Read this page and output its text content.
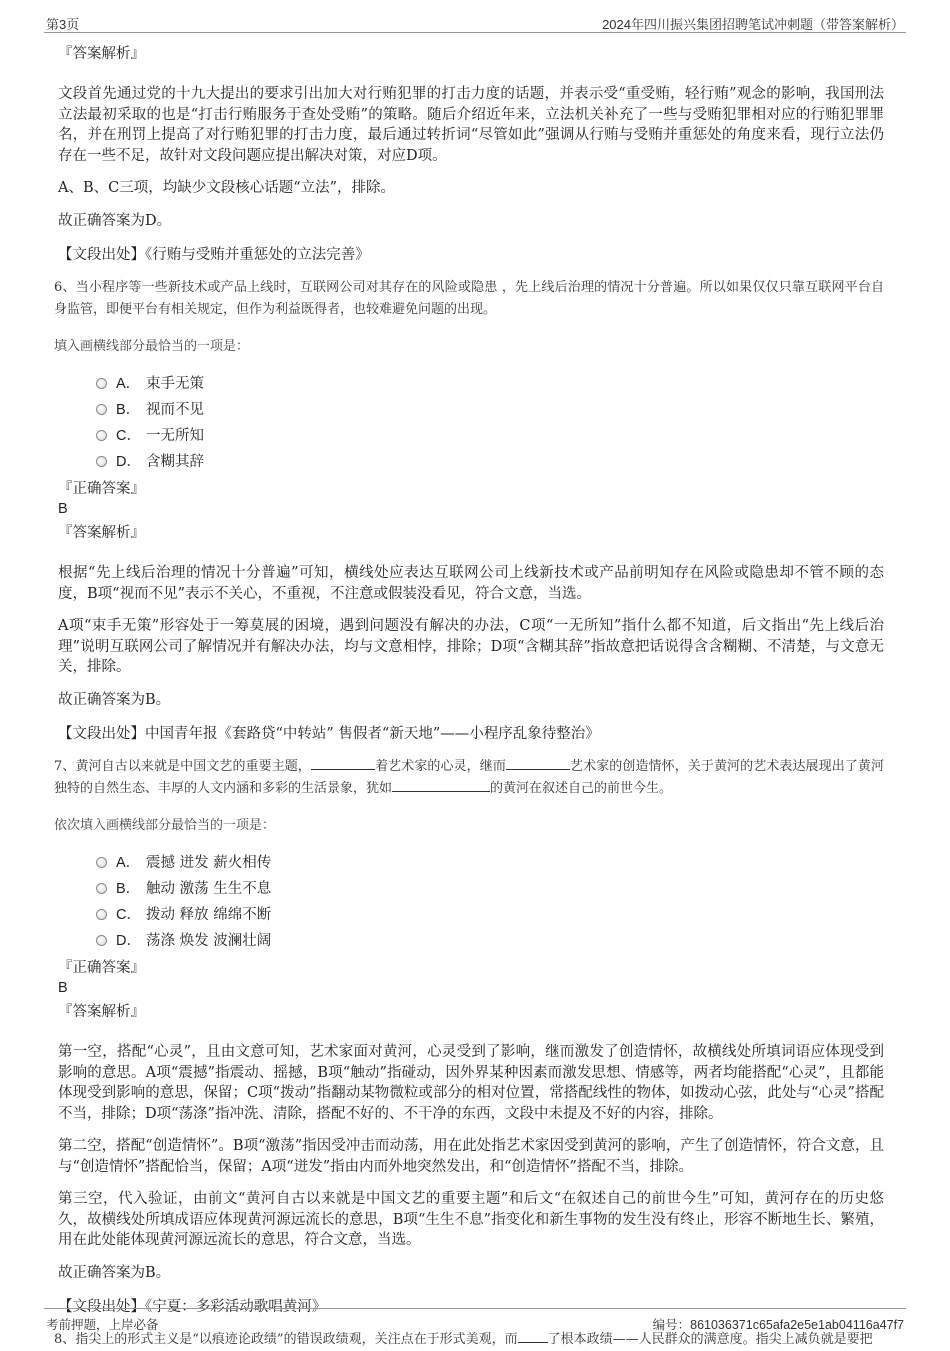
第3页	2024年四川振兴集团招聘笔试冲刺题（带答案解析）

『答案解析』

文段首先通过党的十九大提出的要求引出加大对行贿犯罪的打击力度的话题，并表示受“重受贿，轻行贿”观念的影响，我国刑法立法最初采取的也是“打击行贿服务于查处受贿”的策略。随后介绍近年来，立法机关补充了一些与受贿犯罪相对应的行贿犯罪罪名，并在刑罚上提高了对行贿犯罪的打击力度，最后通过转折词“尽管如此”强调从行贿与受贿并重惩处的角度来看，现行立法仍存在一些不足，故针对文段问题应提出解决对策，对应D项。

A、B、C三项，均缺少文段核心话题“立法”，排除。

故正确答案为D。

【文段出处】《行贿与受贿并重惩处的立法完善》

6、当小程序等一些新技术或产品上线时，互联网公司对其存在的风险或隐患 ，先上线后治理的情况十分普遍。所以如果仅仅只靠互联网平台自身监管，即便平台有相关规定，但作为利益既得者，也较难避免问题的出现。

填入画横线部分最恰当的一项是：

A． 束手无策
B． 视而不见
C． 一无所知
D． 含糊其辞

『正确答案』

B

『答案解析』

根据“先上线后治理的情况十分普遍”可知，横线处应表达互联网公司上线新技术或产品前明知存在风险或隐患却不管不顾的态度，B项“视而不见”表示不关心，不重视，不注意或假装没看见，符合文意，当选。

A项“束手无策”形容处于一筹莫展的困境，遇到问题没有解决的办法，C项“一无所知”指什么都不知道，后文指出“先上线后治理”说明互联网公司了解情况并有解决办法，均与文意相悖，排除；D项“含糊其辞”指故意把话说得含含糊糊、不清楚，与文意无关，排除。

故正确答案为B。

【文段出处】中国青年报《套路贷“中转站” 售假者“新天地”——小程序乱象待整治》

7、黄河自古以来就是中国文艺的重要主题，	着艺术家的心灵，继而	艺术家的创造情怀，关于黄河的艺术表达展现出了黄河独特的自然生态、丰厚的人文内涵和多彩的生活景象，犹如	的黄河在叙述自己的前世今生。

依次填入画横线部分最恰当的一项是：

A． 震撼 迸发 薪火相传
B． 触动 激荡 生生不息
C． 拨动 释放 绵绵不断
D． 荡涤 焕发 波澜壮阔

『正确答案』

B

『答案解析』

第一空，搭配“心灵”，且由文意可知，艺术家面对黄河，心灵受到了影响，继而激发了创造情怀，故横线处所填词语应体现受到影响的意思。A项“震撼”指震动、摇撼，B项“触动”指碰动，因外界某种因素而激发思想、情感等，两者均能搭配“心灵”，且都能体现受到影响的意思，保留；C项“拨动”指翻动某物微粒或部分的相对位置，常搭配线性的物体，如拨动心弦，此处与“心灵”搭配不当，排除；D项“荡涤”指冲洗、清除，搭配不好的、不干净的东西，文段中未提及不好的内容，排除。

第二空，搭配“创造情怀”。B项“激荡”指因受冲击而动荡，用在此处指艺术家因受到黄河的影响，产生了创造情怀，符合文意，且与“创造情怀”搭配恰当，保留；A项“迸发”指由内而外地突然发出，和“创造情怀”搭配不当，排除。

第三空，代入验证，由前文“黄河自古以来就是中国文艺的重要主题”和后文“在叙述自己的前世今生”可知，黄河存在的历史悠久，故横线处所填成语应体现黄河源远流长的意思，B项“生生不息”指变化和新生事物的发生没有终止，形容不断地生长、繁殖，用在此处能体现黄河源远流长的意思，符合文意，当选。

故正确答案为B。

【文段出处】《宁夏：多彩活动歌唱黄河》

8、指尖上的形式主义是“以痕迹论政绩”的错误政绩观，关注点在于形式美观，而 了根本政绩——人民群众的满意度。指尖上减负就是要把

考前押题，上岸必备	编号：861036371c65afa2e5e1ab04116a47f7
